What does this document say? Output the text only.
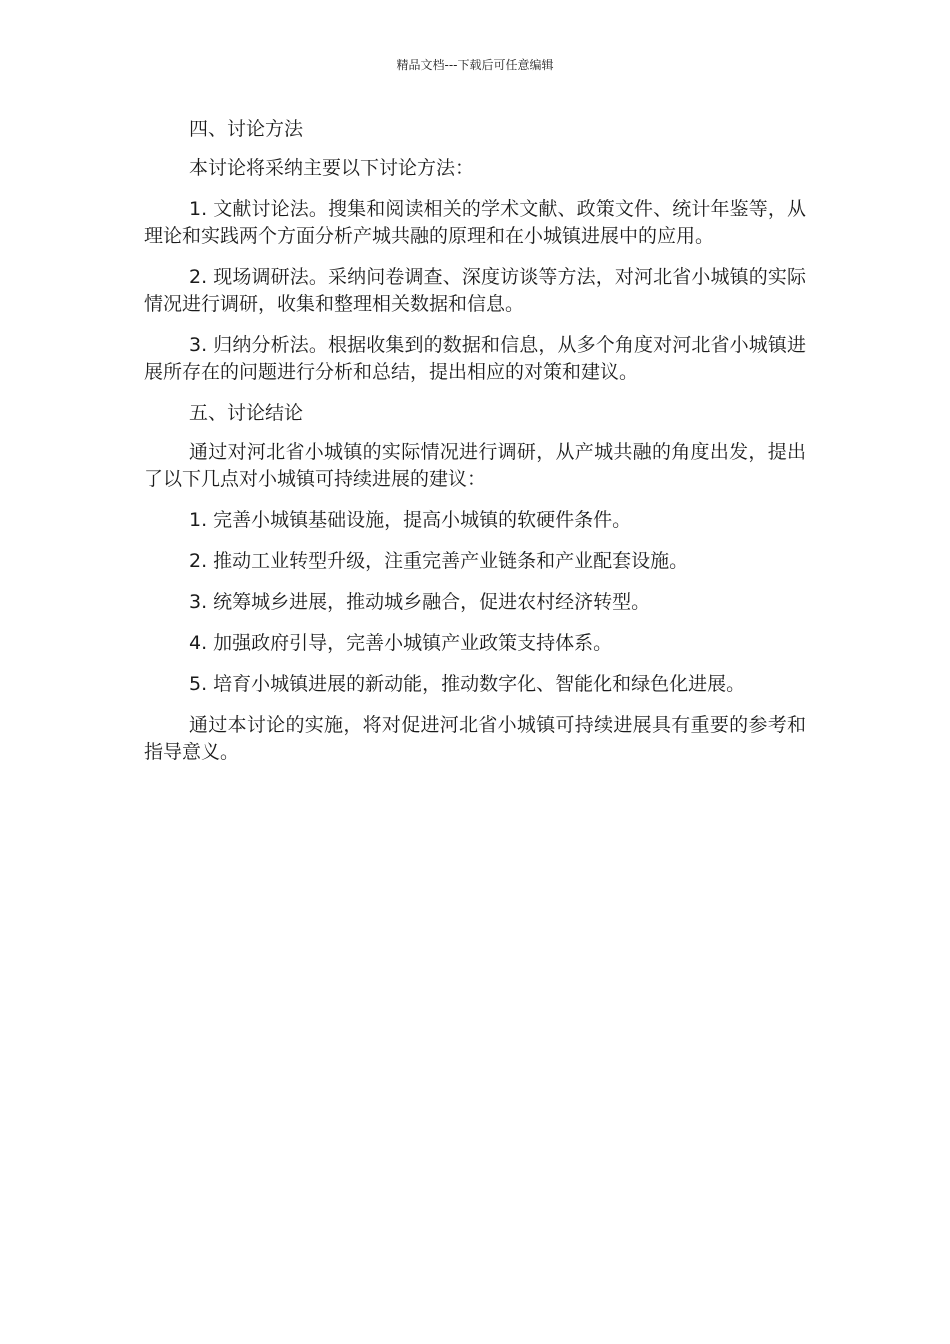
精品文档---下载后可任意编辑

四、讨论方法

本讨论将采纳主要以下讨论方法：

1. 文献讨论法。搜集和阅读相关的学术文献、政策文件、统计年鉴等，从理论和实践两个方面分析产城共融的原理和在小城镇进展中的应用。

2. 现场调研法。采纳问卷调查、深度访谈等方法，对河北省小城镇的实际情况进行调研，收集和整理相关数据和信息。

3. 归纳分析法。根据收集到的数据和信息，从多个角度对河北省小城镇进展所存在的问题进行分析和总结，提出相应的对策和建议。

五、讨论结论

通过对河北省小城镇的实际情况进行调研，从产城共融的角度出发，提出了以下几点对小城镇可持续进展的建议：

1. 完善小城镇基础设施，提高小城镇的软硬件条件。

2. 推动工业转型升级，注重完善产业链条和产业配套设施。

3. 统筹城乡进展，推动城乡融合，促进农村经济转型。

4. 加强政府引导，完善小城镇产业政策支持体系。

5. 培育小城镇进展的新动能，推动数字化、智能化和绿色化进展。

通过本讨论的实施，将对促进河北省小城镇可持续进展具有重要的参考和指导意义。
